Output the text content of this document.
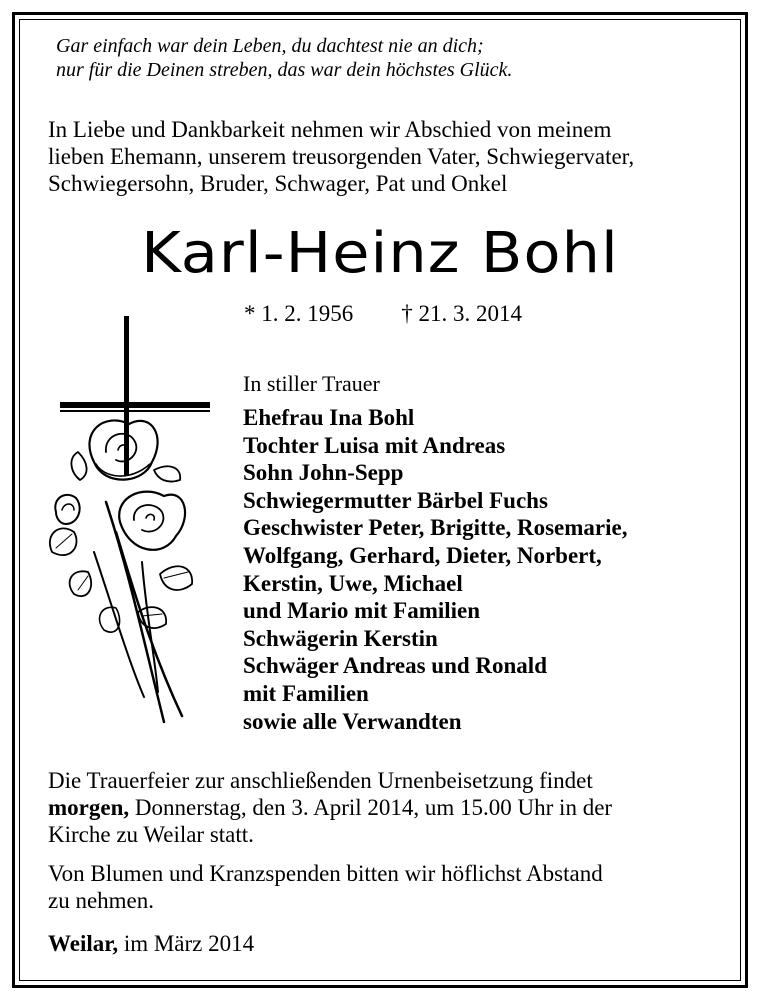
Gar einfach war dein Leben, du dachtest nie an dich;
nur für die Deinen streben, das war dein höchstes Glück.
In Liebe und Dankbarkeit nehmen wir Abschied von meinem
lieben Ehemann, unserem treusorgenden Vater, Schwiegervater,
Schwiegersohn, Bruder, Schwager, Pat und Onkel
Karl-Heinz Bohl
* 1. 2. 1956 † 21. 3. 2014
In stiller Trauer
Ehefrau Ina Bohl
Tochter Luisa mit Andreas
Sohn John-Sepp
Schwiegermutter Bärbel Fuchs
Geschwister Peter, Brigitte, Rosemarie,
Wolfgang, Gerhard, Dieter, Norbert,
Kerstin, Uwe, Michael
und Mario mit Familien
Schwägerin Kerstin
Schwäger Andreas und Ronald
mit Familien
sowie alle Verwandten
Die Trauerfeier zur anschließenden Urnenbeisetzung findet
morgen, Donnerstag, den 3. April 2014, um 15.00 Uhr in der
Kirche zu Weilar statt.
Von Blumen und Kranzspenden bitten wir höflichst Abstand
zu nehmen.
Weilar, im März 2014
